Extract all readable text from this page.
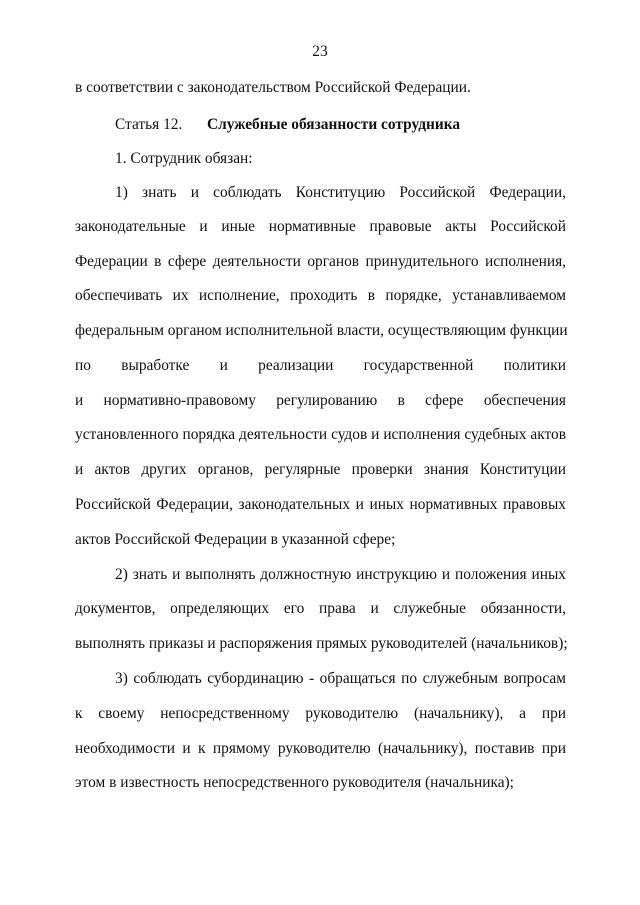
23
в соответствии с законодательством Российской Федерации.
Статья 12. Служебные обязанности сотрудника
1. Сотрудник обязан:
1) знать и соблюдать Конституцию Российской Федерации,
законодательные и иные нормативные правовые акты Российской
Федерации в сфере деятельности органов принудительного исполнения,
обеспечивать их исполнение, проходить в порядке, устанавливаемом
федеральным органом исполнительной власти, осуществляющим функции
по выработке и реализации государственной политики
и нормативно-правовому регулированию в сфере обеспечения
установленного порядка деятельности судов и исполнения судебных актов
и актов других органов, регулярные проверки знания Конституции
Российской Федерации, законодательных и иных нормативных правовых
актов Российской Федерации в указанной сфере;
2) знать и выполнять должностную инструкцию и положения иных
документов, определяющих его права и служебные обязанности,
выполнять приказы и распоряжения прямых руководителей (начальников);
3) соблюдать субординацию - обращаться по служебным вопросам
к своему непосредственному руководителю (начальнику), а при
необходимости и к прямому руководителю (начальнику), поставив при
этом в известность непосредственного руководителя (начальника);
